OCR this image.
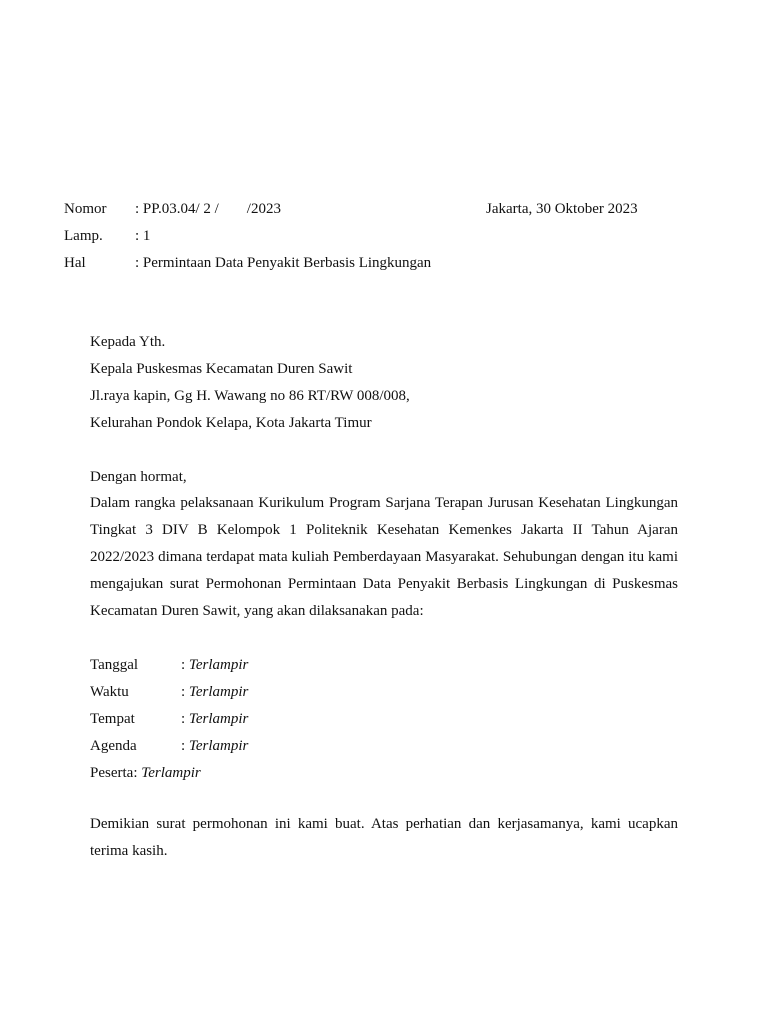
Nomor : PP.03.04/ 2 / /2023	Jakarta, 30 Oktober 2023
Lamp. : 1
Hal	: Permintaan Data Penyakit Berbasis Lingkungan
Kepada Yth.
Kepala Puskesmas Kecamatan Duren Sawit
Jl.raya kapin, Gg H. Wawang no 86 RT/RW 008/008,
Kelurahan Pondok Kelapa, Kota Jakarta Timur
Dengan hormat,

Dalam rangka pelaksanaan Kurikulum Program Sarjana Terapan Jurusan Kesehatan Lingkungan Tingkat 3 DIV B Kelompok 1 Politeknik Kesehatan Kemenkes Jakarta II Tahun Ajaran 2022/2023 dimana terdapat mata kuliah Pemberdayaan Masyarakat. Sehubungan dengan itu kami mengajukan surat Permohonan Permintaan Data Penyakit Berbasis Lingkungan di Puskesmas Kecamatan Duren Sawit, yang akan dilaksanakan pada:

Tanggal	: Terlampir
Waktu	: Terlampir
Tempat	: Terlampir
Agenda	: Terlampir
Peserta: Terlampir

Demikian surat permohonan ini kami buat. Atas perhatian dan kerjasamanya, kami ucapkan terima kasih.
